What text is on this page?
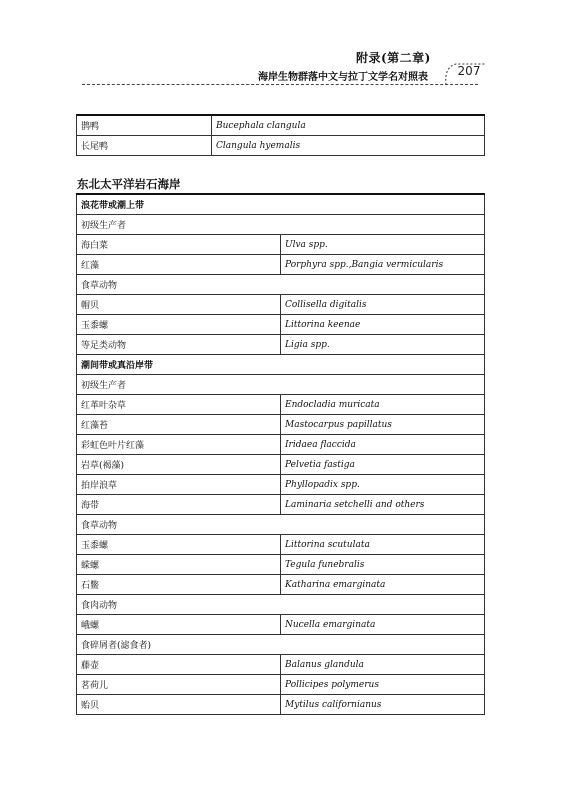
附录(第二章)
海岸生物群落中文与拉丁文学名对照表	207
鹊鸭	Bucephala clangula
长尾鸭	Clangula hyemalis
东北太平洋岩石海岸
浪花带或潮上带	
初级生产者	
海白菜	Ulva spp.
红藻	Porphyra spp.,Bangia vermicularis
食草动物	
帽贝	Collisella digitalis
玉黍螺	Littorina keenae
等足类动物	Ligia spp.
潮间带或真沿岸带	
初级生产者	
红革叶杂草	Endocladia muricata
红藻苔	Mastocarpus papillatus
彩虹色叶片红藻	Iridaea flaccida
岩草(褐藻)	Pelvetia fastiga
拍岸浪草	Phyllopadix spp.
海带	Laminaria setchelli and others
食草动物	
玉黍螺	Littorina scutulata
蝾螺	Tegula funebralis
石鳖	Katharina emarginata
食肉动物	
峨螺	Nucella emarginata
食碎屑者(滤食者)	
藤壶	Balanus glandula
茗荷儿	Pollicipes polymerus
贻贝	Mytilus californianus
